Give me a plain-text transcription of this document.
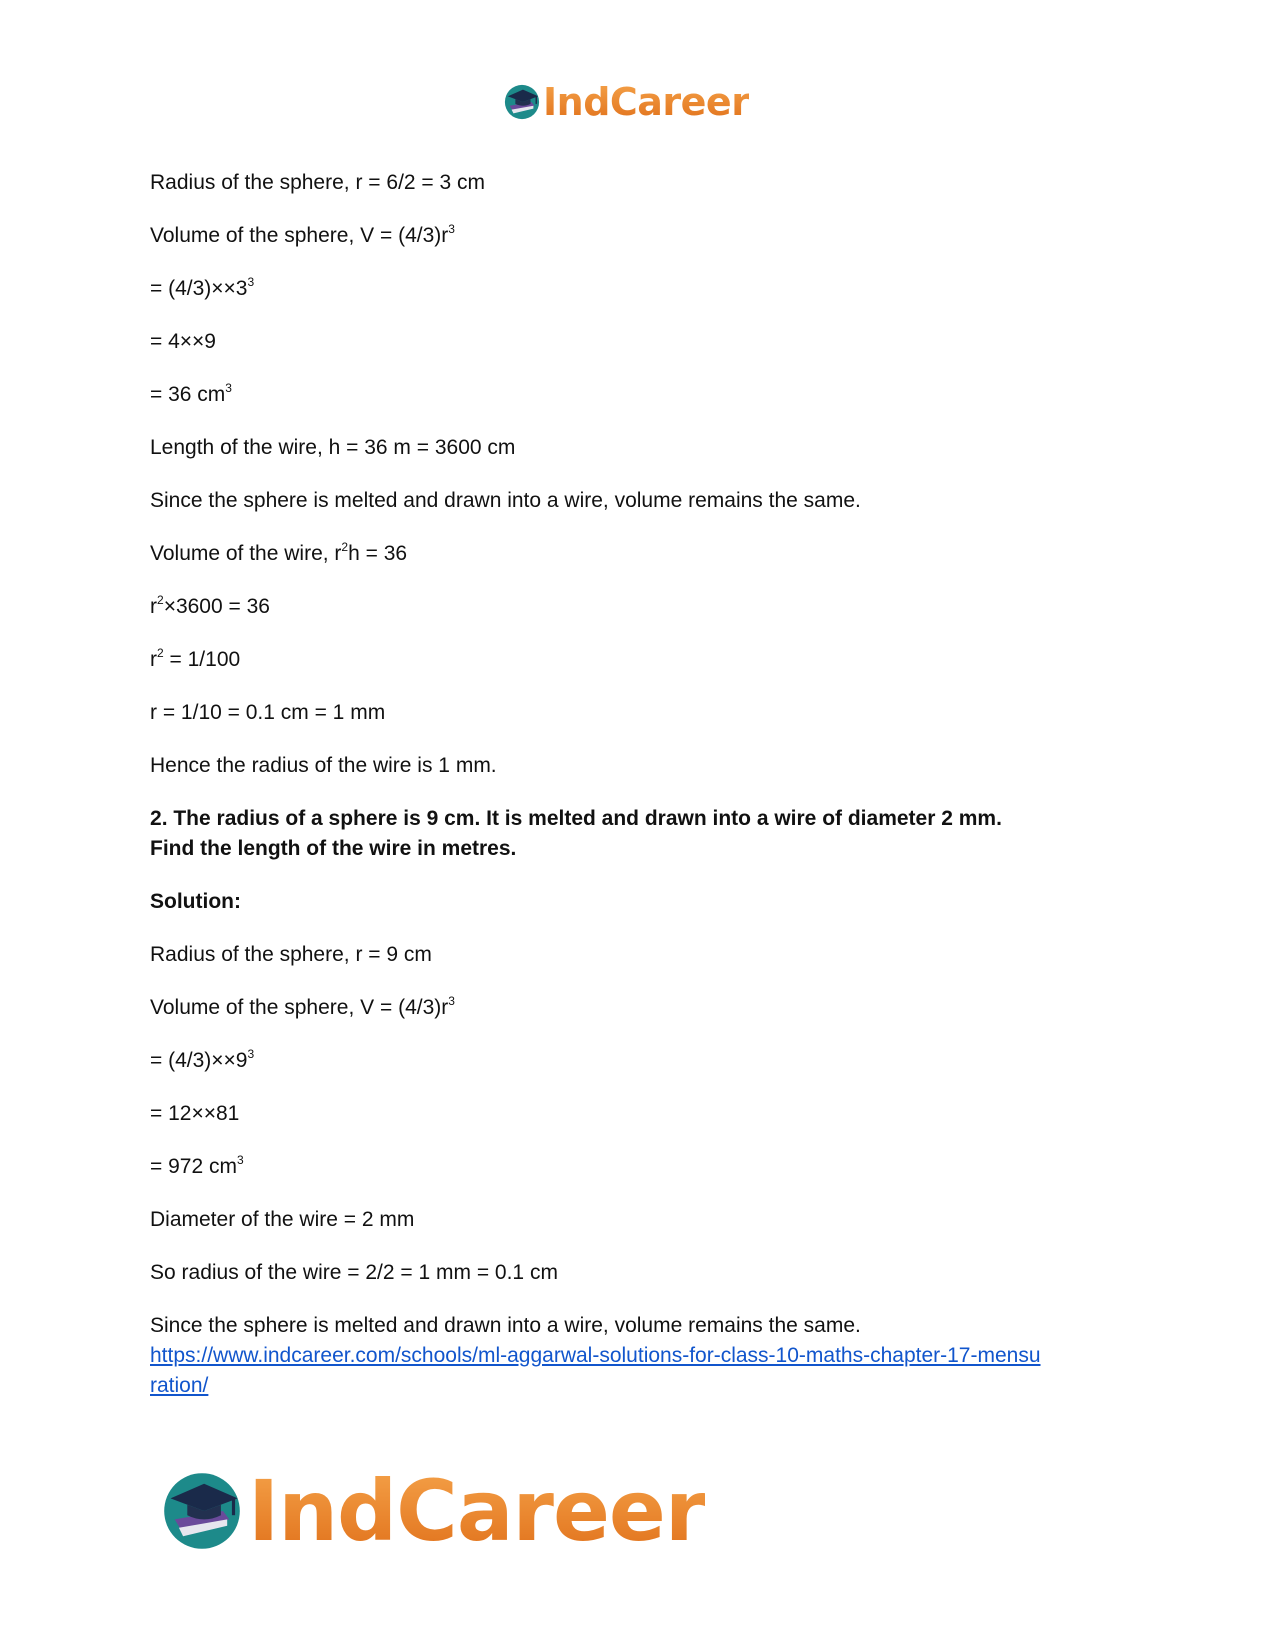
IndCareer
Radius of the sphere, r = 6/2 = 3 cm
Volume of the sphere, $V = (4/3)r^3$
= $(4/3)\times\times 3^3$
= 4××9
= 36 $cm^3$
Length of the wire, h = 36 m = 3600 cm
Since the sphere is melted and drawn into a wire, volume remains the same.
Volume of the wire, $r^2h = 36$
$r^2\times 3600 = 36$
$r^2 = 1/100$
r = 1/10 = 0.1 cm = 1 mm
Hence the radius of the wire is 1 mm.
2. The radius of a sphere is 9 cm. It is melted and drawn into a wire of diameter 2 mm.
Find the length of the wire in metres.
Solution:
Radius of the sphere, r = 9 cm
Volume of the sphere, $V = (4/3)r^3$
= $(4/3)\times\times 9^3$
= 12××81
= 972 $cm^3$
Diameter of the wire = 2 mm
So radius of the wire = 2/2 = 1 mm = 0.1 cm
Since the sphere is melted and drawn into a wire, volume remains the same.
https://www.indcareer.com/schools/ml-aggarwal-solutions-for-class-10-maths-chapter-17-mensu
ration/
IndCareer
